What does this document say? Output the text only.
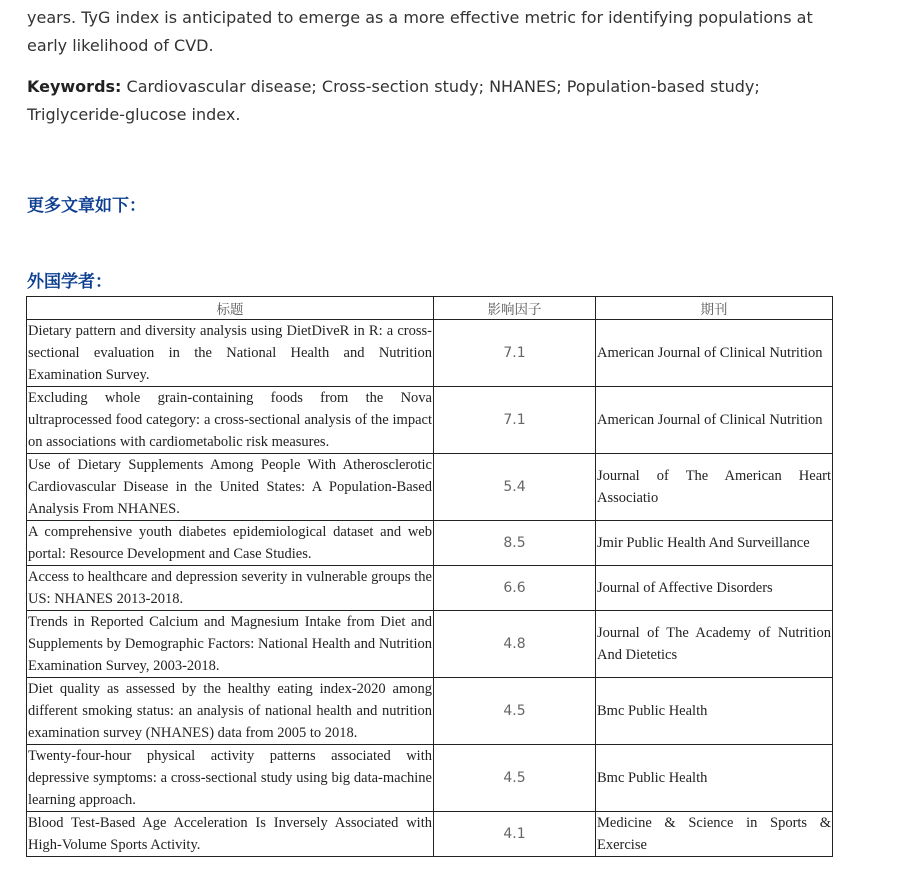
years. TyG index is anticipated to emerge as a more effective metric for identifying populations at
early likelihood of CVD.
Keywords: Cardiovascular disease; Cross-section study; NHANES; Population-based study;
Triglyceride-glucose index.
更多文章如下：
外国学者：
标题	影响因子	期刊
Dietary pattern and diversity analysis using DietDiveR in R: a cross-sectional evaluation in the National Health and Nutrition Examination Survey.	7.1	American Journal of Clinical Nutrition
Excluding whole grain-containing foods from the Nova ultraprocessed food category: a cross-sectional analysis of the impact on associations with cardiometabolic risk measures.	7.1	American Journal of Clinical Nutrition
Use of Dietary Supplements Among People With Atherosclerotic Cardiovascular Disease in the United States: A Population-Based Analysis From NHANES.	5.4	Journal of The American Heart Associatio
A comprehensive youth diabetes epidemiological dataset and web portal: Resource Development and Case Studies.	8.5	Jmir Public Health And Surveillance
Access to healthcare and depression severity in vulnerable groups the US: NHANES 2013-2018.	6.6	Journal of Affective Disorders
Trends in Reported Calcium and Magnesium Intake from Diet and Supplements by Demographic Factors: National Health and Nutrition Examination Survey, 2003-2018.	4.8	Journal of The Academy of Nutrition And Dietetics
Diet quality as assessed by the healthy eating index-2020 among different smoking status: an analysis of national health and nutrition examination survey (NHANES) data from 2005 to 2018.	4.5	Bmc Public Health
Twenty-four-hour physical activity patterns associated with depressive symptoms: a cross-sectional study using big data-machine learning approach.	4.5	Bmc Public Health
Blood Test-Based Age Acceleration Is Inversely Associated with High-Volume Sports Activity.	4.1	Medicine & Science in Sports & Exercise
